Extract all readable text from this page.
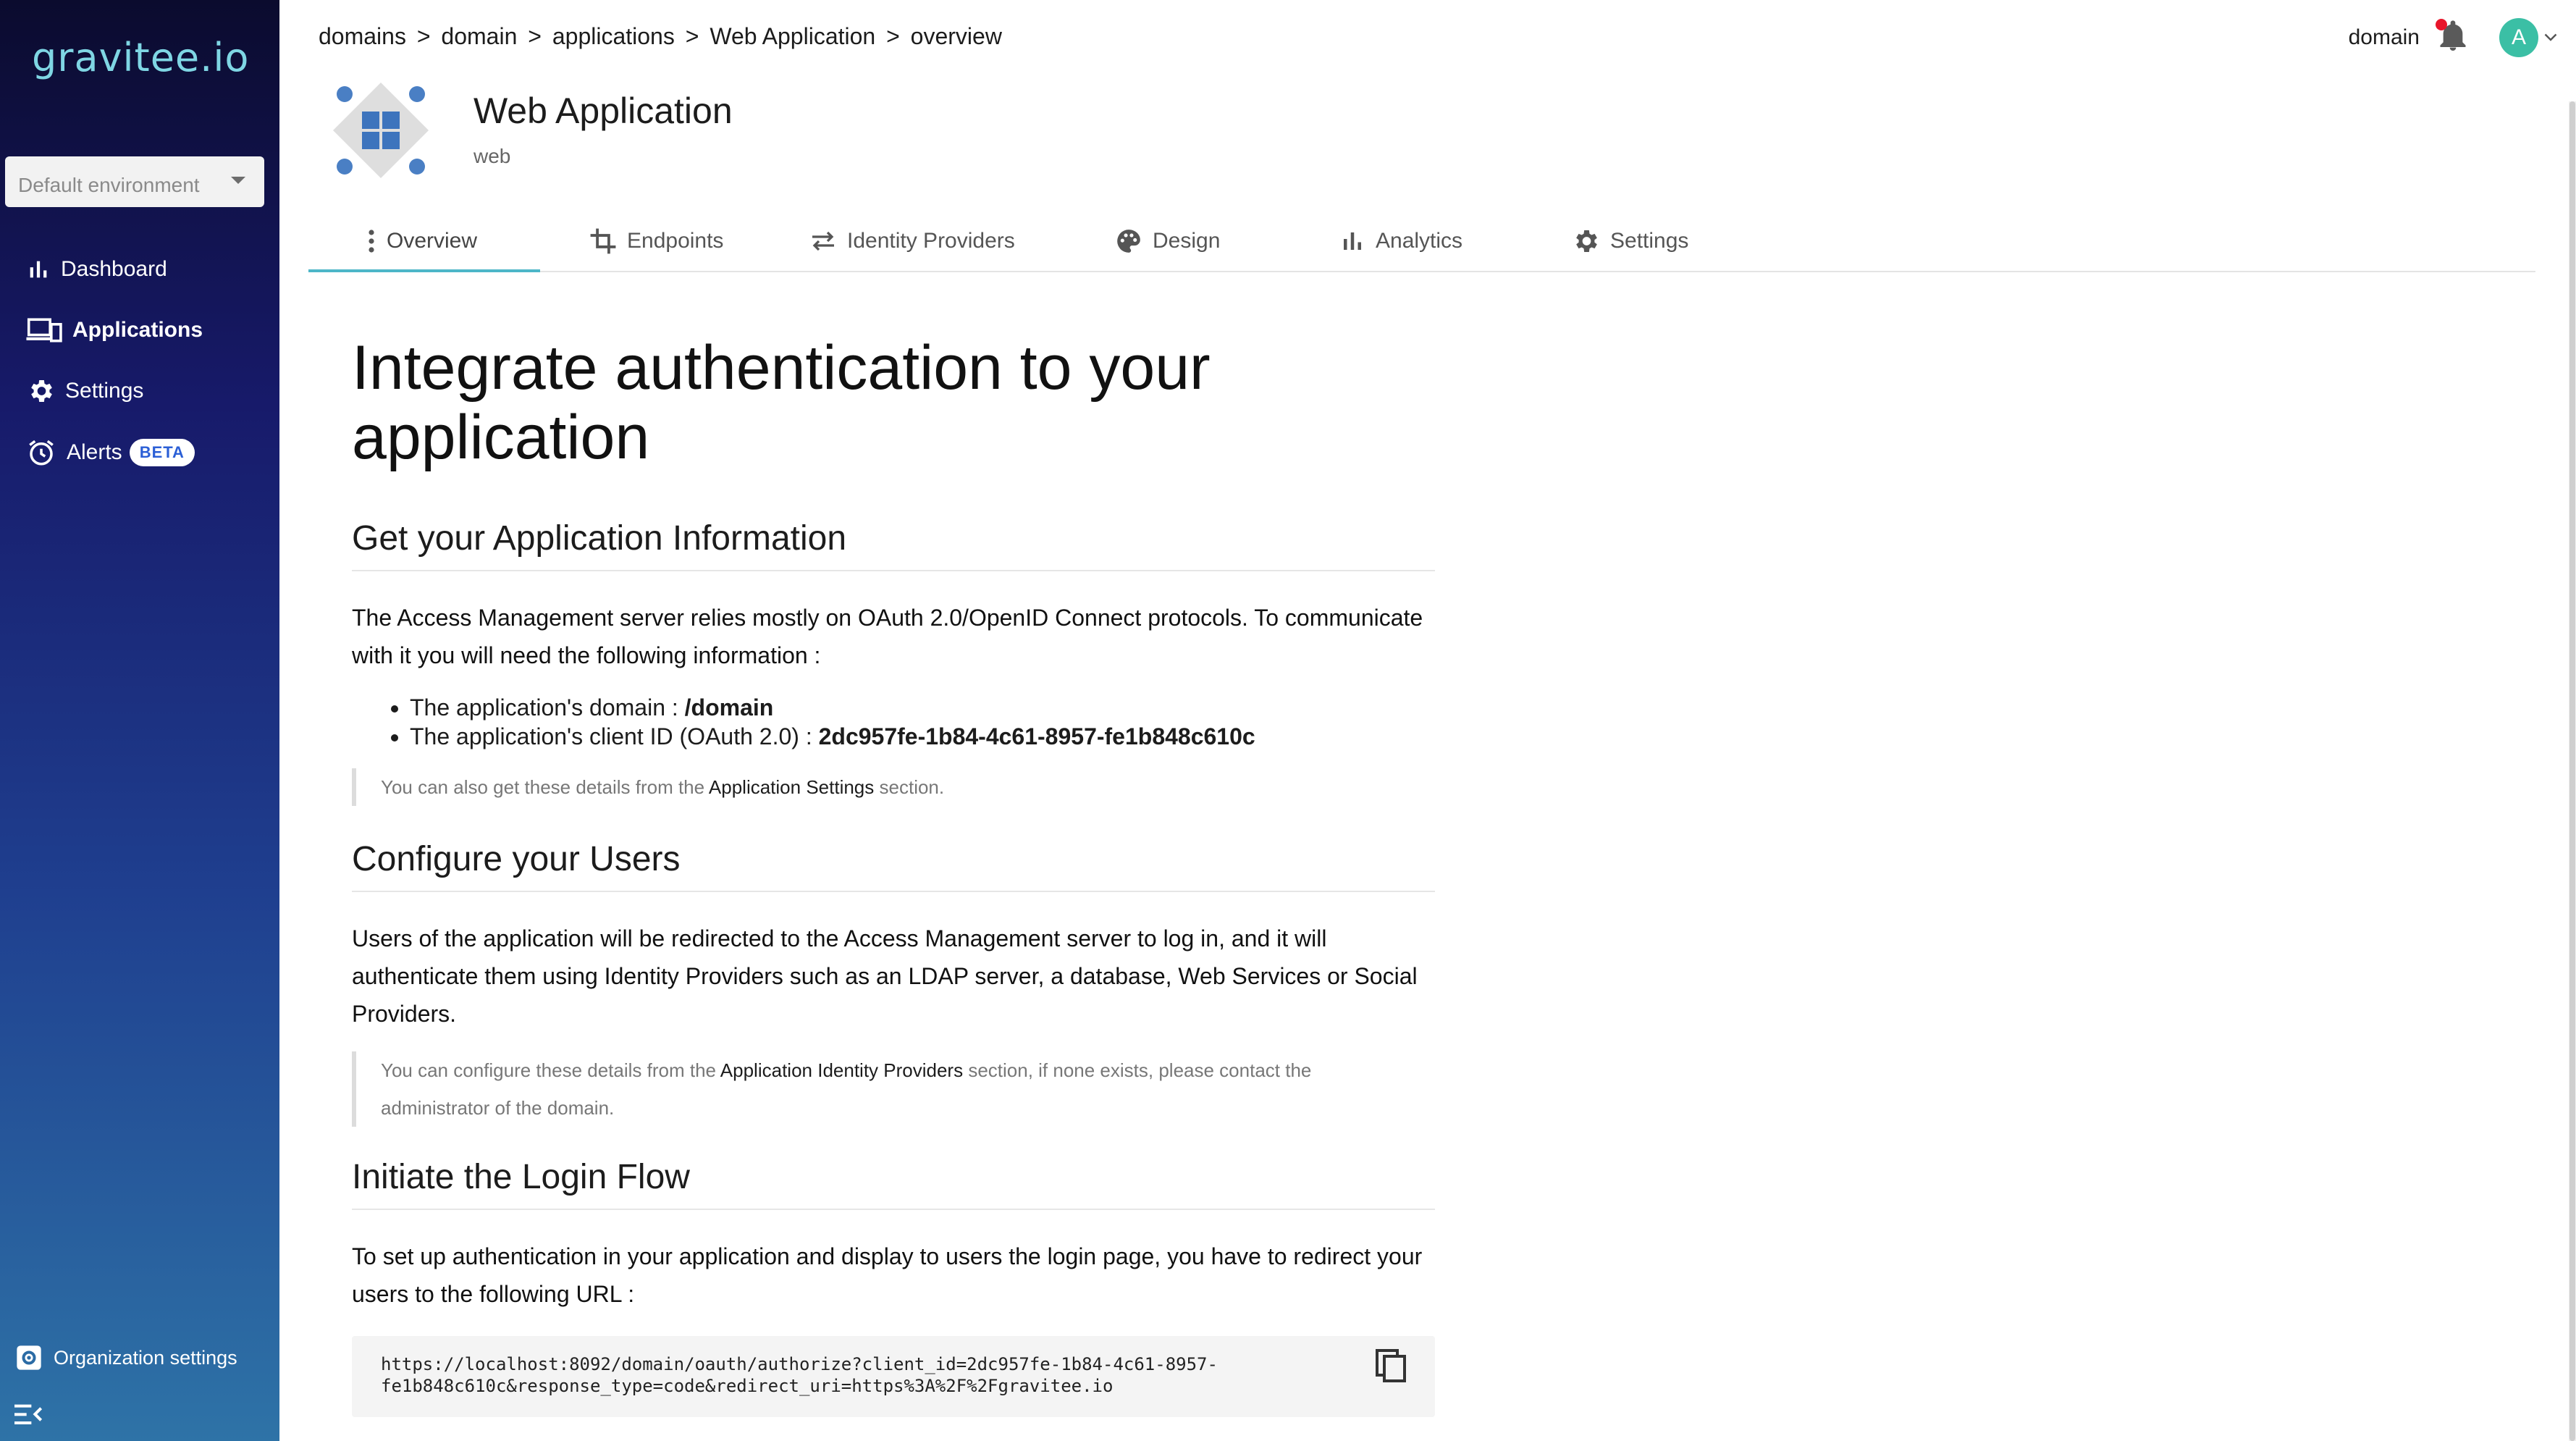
gravitee.io
Default environment
Dashboard
Applications
Settings
Alerts	BETA
Organization settings
domains > domain > applications > Web Application > overview	domain	A
Web Application
web
Overview	Endpoints	Identity Providers	Design	Analytics	Settings
Integrate authentication to your application
Get your Application Information

The Access Management server relies mostly on OAuth 2.0/OpenID Connect protocols. To communicate with it you will need the following information :

• The application's domain : /domain
• The application's client ID (OAuth 2.0) : 2dc957fe-1b84-4c61-8957-fe1b848c610c
You can also get these details from the Application Settings section.
Configure your Users

Users of the application will be redirected to the Access Management server to log in, and it will authenticate them using Identity Providers such as an LDAP server, a database, Web Services or Social Providers.

You can configure these details from the Application Identity Providers section, if none exists, please contact the administrator of the domain.
Initiate the Login Flow

To set up authentication in your application and display to users the login page, you have to redirect your users to the following URL :

https://localhost:8092/domain/oauth/authorize?client_id=2dc957fe-1b84-4c61-8957-
fe1b848c610c&response_type=code&redirect_uri=https%3A%2F%2Fgravitee.io
